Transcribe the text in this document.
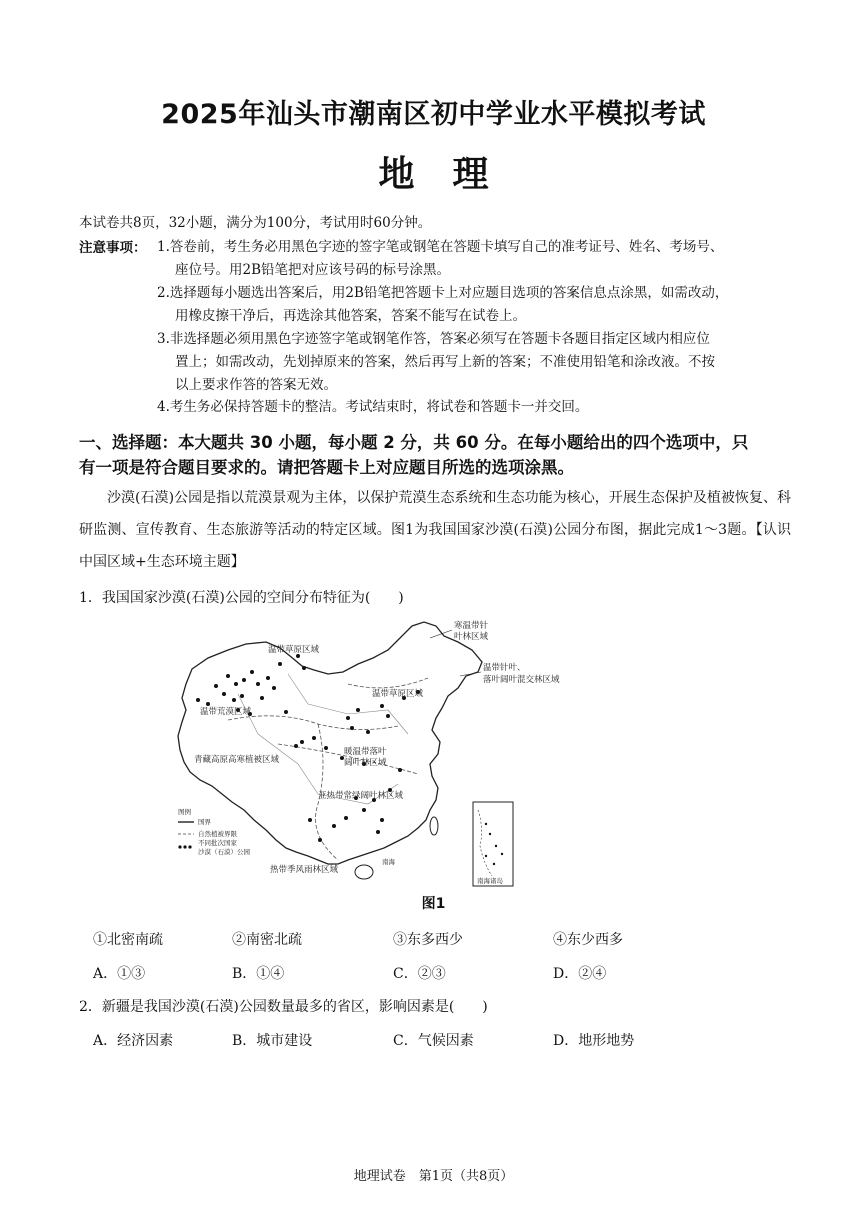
2025年汕头市潮南区初中学业水平模拟考试
地理
本试卷共8页，32小题，满分为100分，考试用时60分钟。
注意事项： 1.答卷前，考生务必用黑色字迹的签字笔或钢笔在答题卡填写自己的准考证号、姓名、考场号、
座位号。用2B铅笔把对应该号码的标号涂黑。
2.选择题每小题选出答案后，用2B铅笔把答题卡上对应题目选项的答案信息点涂黑，如需改动，
用橡皮擦干净后，再选涂其他答案，答案不能写在试卷上。
3.非选择题必须用黑色字迹签字笔或钢笔作答，答案必须写在答题卡各题目指定区域内相应位
置上；如需改动，先划掉原来的答案，然后再写上新的答案；不准使用铅笔和涂改液。不按
以上要求作答的答案无效。
4.考生务必保持答题卡的整洁。考试结束时，将试卷和答题卡一并交回。
一、选择题：本大题共 30 小题，每小题 2 分，共 60 分。在每小题给出的四个选项中，只
有一项是符合题目要求的。请把答题卡上对应题目所选的选项涂黑。
沙漠(石漠)公园是指以荒漠景观为主体，以保护荒漠生态系统和生态功能为核心，开展生态保护及植被恢复、科研监测、宣传教育、生态旅游等活动的特定区域。图1为我国国家沙漠(石漠)公园分布图，据此完成1～3题。【认识中国区域+生态环境主题】
1．我国国家沙漠(石漠)公园的空间分布特征为(　　)
寒温带针
叶林区域
温带针叶、
落叶阔叶混交林区域
温带草原区域
温带荒漠区域
温带草原区域
暖温带落叶
阔叶林区域
青藏高原高寒植被区域
亚热带常绿阔叶林区域
热带季风雨林区域
图例
国界
自然植被界限
不同批次国家
沙漠（石漠）公园
南海诸岛
南海
图1
①北密南疏	②南密北疏	③东多西少	④东少西多
A．①③	B．①④	C．②③	D．②④
2．新疆是我国沙漠(石漠)公园数量最多的省区，影响因素是(　　)
A．经济因素	B．城市建设	C．气候因素	D．地形地势
地理试卷　第1页（共8页）
